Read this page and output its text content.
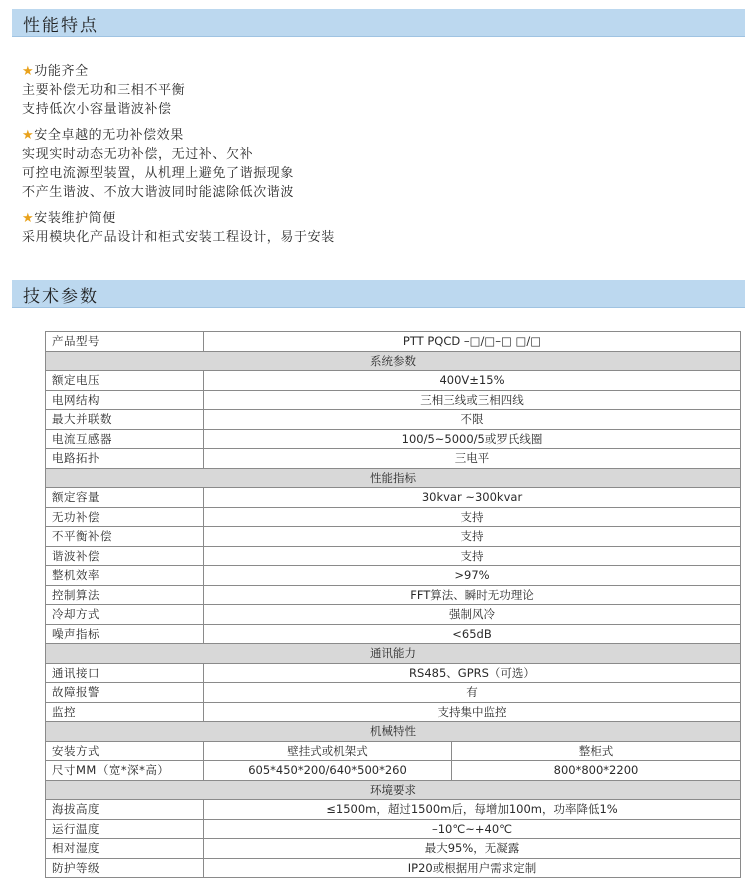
性能特点
★功能齐全
主要补偿无功和三相不平衡
支持低次小容量谐波补偿
★安全卓越的无功补偿效果
实现实时动态无功补偿，无过补、欠补
可控电流源型装置，从机理上避免了谐振现象
不产生谐波、不放大谐波同时能滤除低次谐波
★安装维护简便
采用模块化产品设计和柜式安装工程设计，易于安装
技术参数
产品型号	PTT PQCD –□/□–□ □/□	
系统参数		
额定电压	400V±15%	
电网结构	三相三线或三相四线	
最大并联数	不限	
电流互感器	100/5~5000/5或罗氏线圈	
电路拓扑	三电平	
性能指标		
额定容量	30kvar ~300kvar	
无功补偿	支持	
不平衡补偿	支持	
谐波补偿	支持	
整机效率	>97%	
控制算法	FFT算法、瞬时无功理论	
冷却方式	强制风冷	
噪声指标	<65dB	
通讯能力		
通讯接口	RS485、GPRS（可选）	
故障报警	有	
监控	支持集中监控	
机械特性		
安装方式	壁挂式或机架式	整柜式
尺寸MM（宽*深*高）	605*450*200/640*500*260	800*800*2200
环境要求		
海拔高度	≤1500m，超过1500m后，每增加100m，功率降低1%	
运行温度	–10℃~+40℃	
相对湿度	最大95%，无凝露	
防护等级	IP20或根据用户需求定制	
